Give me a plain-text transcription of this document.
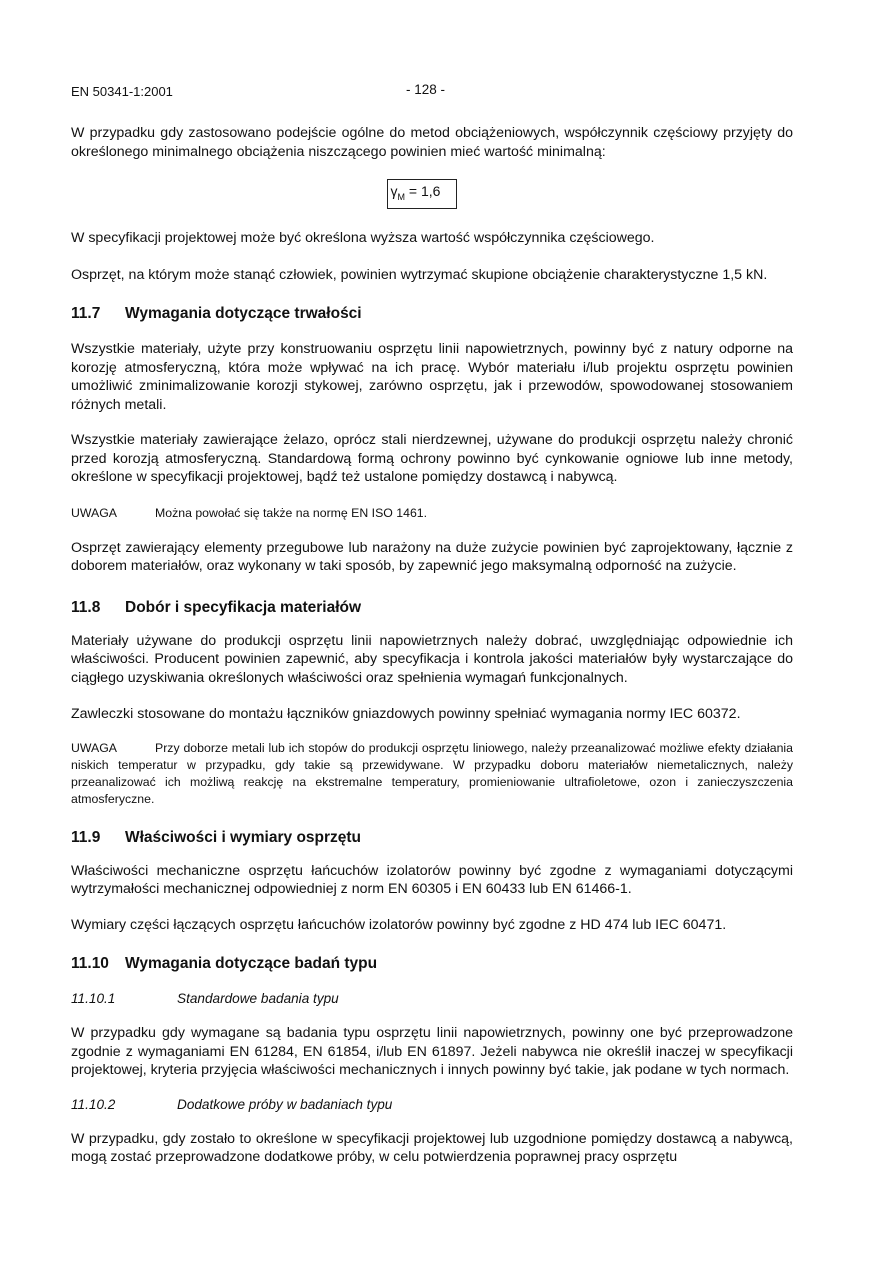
EN 50341-1:2001	- 128 -

W przypadku gdy zastosowano podejście ogólne do metod obciążeniowych, współczynnik częściowy przyjęty do określonego minimalnego obciążenia niszczącego powinien mieć wartość minimalną:

$\gamma_M = 1,6$

W specyfikacji projektowej może być określona wyższa wartość współczynnika częściowego.

Osprzęt, na którym może stanąć człowiek, powinien wytrzymać skupione obciążenie charakterystyczne 1,5 kN.

11.7 Wymagania dotyczące trwałości

Wszystkie materiały, użyte przy konstruowaniu osprzętu linii napowietrznych, powinny być z natury odporne na korozję atmosferyczną, która może wpływać na ich pracę. Wybór materiału i/lub projektu osprzętu powinien umożliwić zminimalizowanie korozji stykowej, zarówno osprzętu, jak i przewodów, spowodowanej stosowaniem różnych metali.

Wszystkie materiały zawierające żelazo, oprócz stali nierdzewnej, używane do produkcji osprzętu należy chronić przed korozją atmosferyczną. Standardową formą ochrony powinno być cynkowanie ogniowe lub inne metody, określone w specyfikacji projektowej, bądź też ustalone pomiędzy dostawcą i nabywcą.

UWAGA	Można powołać się także na normę EN ISO 1461.

Osprzęt zawierający elementy przegubowe lub narażony na duże zużycie powinien być zaprojektowany, łącznie z doborem materiałów, oraz wykonany w taki sposób, by zapewnić jego maksymalną odporność na zużycie.

11.8 Dobór i specyfikacja materiałów

Materiały używane do produkcji osprzętu linii napowietrznych należy dobrać, uwzględniając odpowiednie ich właściwości. Producent powinien zapewnić, aby specyfikacja i kontrola jakości materiałów były wystarczające do ciągłego uzyskiwania określonych właściwości oraz spełnienia wymagań funkcjonalnych.

Zawleczki stosowane do montażu łączników gniazdowych powinny spełniać wymagania normy IEC 60372.

UWAGA	Przy doborze metali lub ich stopów do produkcji osprzętu liniowego, należy przeanalizować możliwe efekty działania niskich temperatur w przypadku, gdy takie są przewidywane. W przypadku doboru materiałów niemetalicznych, należy przeanalizować ich możliwą reakcję na ekstremalne temperatury, promieniowanie ultrafioletowe, ozon i zanieczyszczenia atmosferyczne.

11.9 Właściwości i wymiary osprzętu

Właściwości mechaniczne osprzętu łańcuchów izolatorów powinny być zgodne z wymaganiami dotyczącymi wytrzymałości mechanicznej odpowiedniej z norm EN 60305 i EN 60433 lub EN 61466-1.

Wymiary części łączących osprzętu łańcuchów izolatorów powinny być zgodne z HD 474 lub IEC 60471.

11.10 Wymagania dotyczące badań typu

11.10.1	Standardowe badania typu

W przypadku gdy wymagane są badania typu osprzętu linii napowietrznych, powinny one być przeprowadzone zgodnie z wymaganiami EN 61284, EN 61854, i/lub EN 61897. Jeżeli nabywca nie określił inaczej w specyfikacji projektowej, kryteria przyjęcia właściwości mechanicznych i innych powinny być takie, jak podane w tych normach.

11.10.2	Dodatkowe próby w badaniach typu

W przypadku, gdy zostało to określone w specyfikacji projektowej lub uzgodnione pomiędzy dostawcą a nabywcą, mogą zostać przeprowadzone dodatkowe próby, w celu potwierdzenia poprawnej pracy osprzętu
